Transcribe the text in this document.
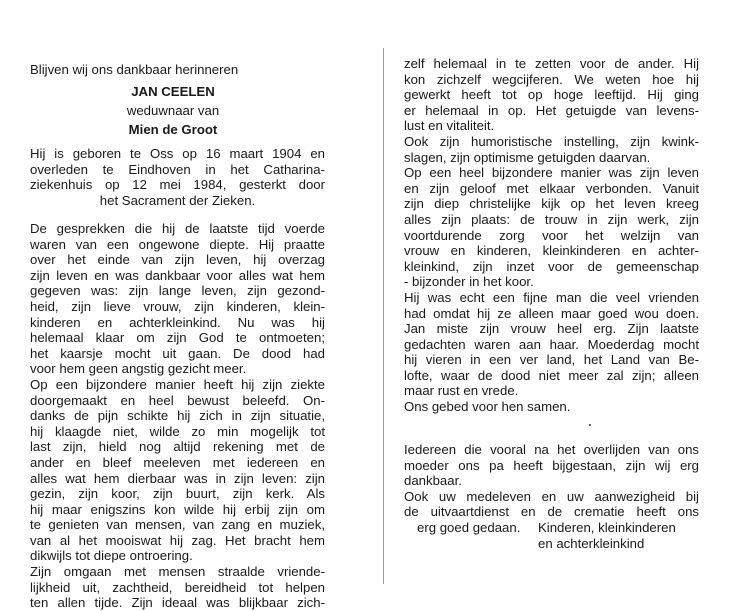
Blijven wij ons dankbaar herinneren
JAN CEELEN
weduwnaar van
Mien de Groot
Hij is geboren te Oss op 16 maart 1904 en
overleden te Eindhoven in het Catharina-
ziekenhuis op 12 mei 1984, gesterkt door
het Sacrament der Zieken.
De gesprekken die hij de laatste tijd voerde
waren van een ongewone diepte. Hij praatte
over het einde van zijn leven, hij overzag
zijn leven en was dankbaar voor alles wat hem
gegeven was: zijn lange leven, zijn gezond-
heid, zijn lieve vrouw, zijn kinderen, klein-
kinderen en achterkleinkind. Nu was hij
helemaal klaar om zijn God te ontmoeten;
het kaarsje mocht uit gaan. De dood had
voor hem geen angstig gezicht meer.
Op een bijzondere manier heeft hij zijn ziekte
doorgemaakt en heel bewust beleefd. On-
danks de pijn schikte hij zich in zijn situatie,
hij klaagde niet, wilde zo min mogelijk tot
last zijn, hield nog altijd rekening met de
ander en bleef meeleven met iedereen en
alles wat hem dierbaar was in zijn leven: zijn
gezin, zijn koor, zijn buurt, zijn kerk. Als
hij maar enigszins kon wilde hij erbij zijn om
te genieten van mensen, van zang en muziek,
van al het mooiswat hij zag. Het bracht hem
dikwijls tot diepe ontroering.
Zijn omgaan met mensen straalde vriende-
lijkheid uit, zachtheid, bereidheid tot helpen
ten allen tijde. Zijn ideaal was blijkbaar zich-
zelf helemaal in te zetten voor de ander. Hij
kon zichzelf wegcijferen. We weten hoe hij
gewerkt heeft tot op hoge leeftijd. Hij ging
er helemaal in op. Het getuigde van levens-
lust en vitaliteit.
Ook zijn humoristische instelling, zijn kwink-
slagen, zijn optimisme getuigden daarvan.
Op een heel bijzondere manier was zijn leven
en zijn geloof met elkaar verbonden. Vanuit
zijn diep christelijke kijk op het leven kreeg
alles zijn plaats: de trouw in zijn werk, zijn
voortdurende zorg voor het welzijn van
vrouw en kinderen, kleinkinderen en achter-
kleinkind, zijn inzet voor de gemeenschap
- bijzonder in het koor.
Hij was echt een fijne man die veel vrienden
had omdat hij ze alleen maar goed wou doen.
Jan miste zijn vrouw heel erg. Zijn laatste
gedachten waren aan haar. Moederdag mocht
hij vieren in een ver land, het Land van Be-
lofte, waar de dood niet meer zal zijn; alleen
maar rust en vrede.
Ons gebed voor hen samen.
Iedereen die vooral na het overlijden van ons
moeder ons pa heeft bijgestaan, zijn wij erg
dankbaar.
Ook uw medeleven en uw aanwezigheid bij
de uitvaartdienst en de crematie heeft ons
erg goed gedaan.	Kinderen, kleinkinderen
en achterkleinkind
